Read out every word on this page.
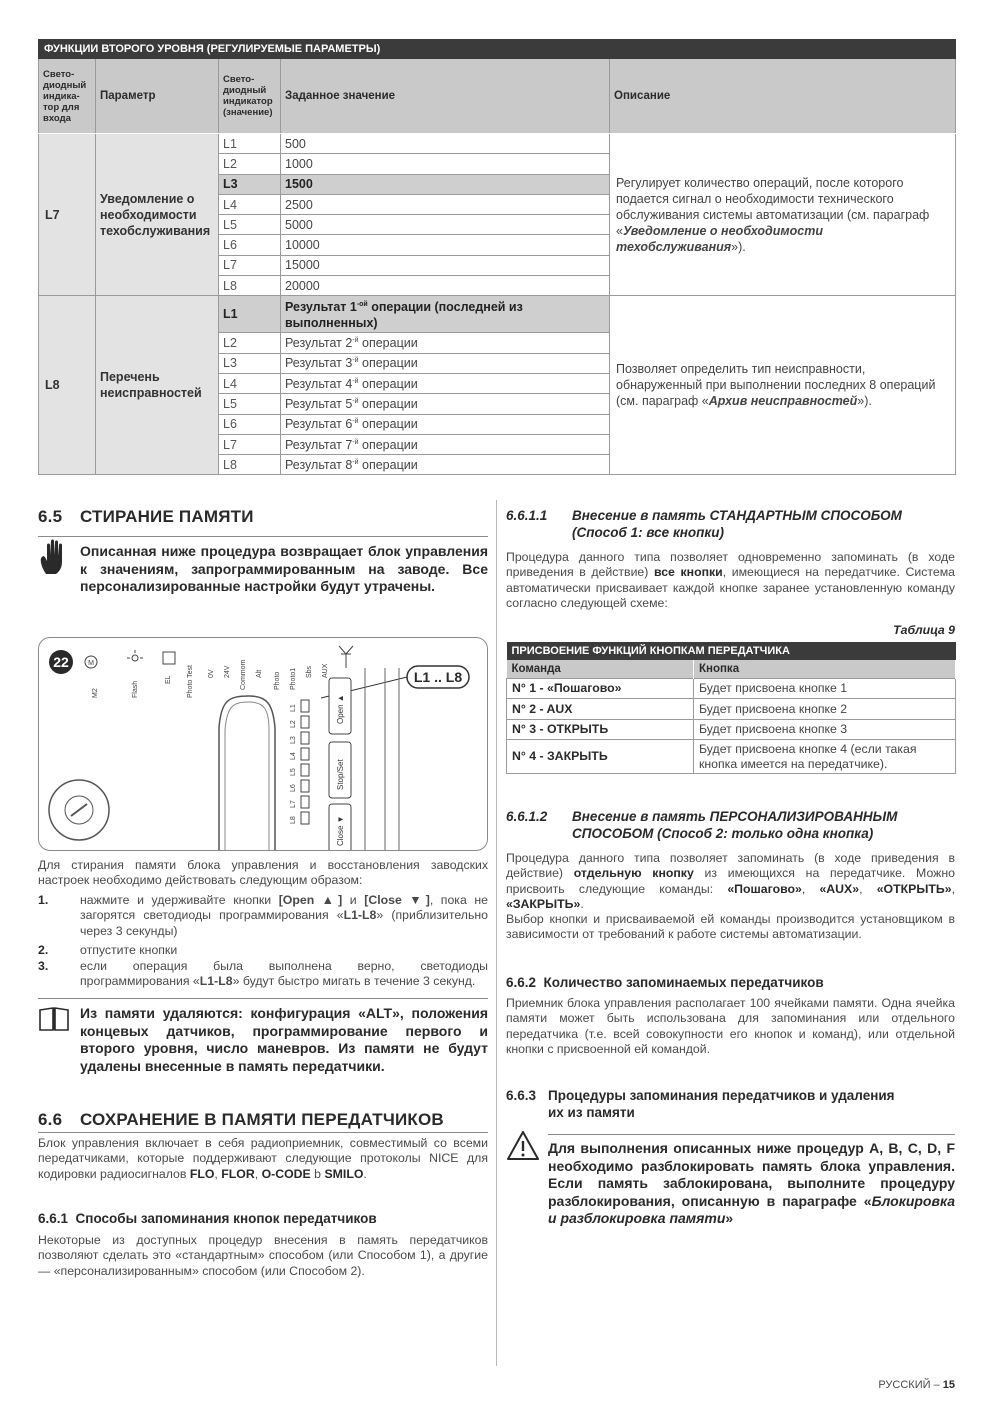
ФУНКЦИИ ВТОРОГО УРОВНЯ (РЕГУЛИРУЕМЫЕ ПАРАМЕТРЫ)				
Свето-
диодный
индика-
тор для
входа	Параметр	Свето-
диодный
индикатор
(значение)	Заданное значение	Описание
L7	Уведомление о
необходимости
техобслуживания	L1	500	Регулирует количество операций, после которого подается сигнал о необходимости технического обслуживания системы автоматизации (см. параграф «Уведомление о необходимости техобслуживания»).
		L2	1000	
		L3	1500	
		L4	2500	
		L5	5000	
		L6	10000	
		L7	15000	
		L8	20000	
L8	Перечень
неисправностей	L1	Результат $1^{-ой}$ операции (последней из выполненных)	Позволяет определить тип неисправности, обнаруженный при выполнении последних 8 операций (см. параграф «Архив неисправностей»).
		L2	Результат $2^{-й}$ операции	
		L3	Результат $3^{-й}$ операции	
		L4	Результат $4^{-й}$ операции	
		L5	Результат $5^{-й}$ операции	
		L6	Результат $6^{-й}$ операции	
		L7	Результат $7^{-й}$ операции	
		L8	Результат $8^{-й}$ операции	
6.5 СТИРАНИЕ ПАМЯТИ
Описанная ниже процедура возвращает блок управления к значениям, запрограммированным на заводе. Все персонализированные настройки будут утрачены.
22	M
M2	Flash
EL Photo Test 0V 24V Commom Alt Photo Photo1 Sbs AUX	L1 .. L8
L1
L2
L3
L4
L5
L6
L7
L8
Open ▲
Stop/Set
Close ▼
Для стирания памяти блока управления и восстановления заводских настроек необходимо действовать следующим образом:
1.	нажмите и удерживайте кнопки [Open ▲] и [Close ▼], пока не загорятся светодиоды программирования «L1-L8» (приблизительно через 3 секунды)
2.	отпустите кнопки
3.	если операция была выполнена верно, светодиоды программирования «L1-L8» будут быстро мигать в течение 3 секунд.
Из памяти удаляются: конфигурация «ALT», положения концевых датчиков, программирование первого и второго уровня, число маневров. Из памяти не будут удалены внесенные в память передатчики.
6.6 СОХРАНЕНИЕ В ПАМЯТИ ПЕРЕДАТЧИКОВ
Блок управления включает в себя радиоприемник, совместимый со всеми передатчиками, которые поддерживают следующие протоколы NICE для кодировки радиосигналов FLO, FLOR, O-CODE b SMILO.
6.6.1 Способы запоминания кнопок передатчиков
Некоторые из доступных процедур внесения в память передатчиков позволяют сделать это «стандартным» способом (или Способом 1), а другие — «персонализированным» способом (или Способом 2).
6.6.1.1 Внесение в память СТАНДАРТНЫМ СПОСОБОМ
(Способ 1: все кнопки)
Процедура данного типа позволяет одновременно запоминать (в ходе приведения в действие) все кнопки, имеющиеся на передатчике. Система автоматически присваивает каждой кнопке заранее установленную команду согласно следующей схеме:
Таблица 9
ПРИСВОЕНИЕ ФУНКЦИЙ КНОПКАМ ПЕРЕДАТЧИКА	
Команда	Кнопка
N° 1 - «Пошагово»	Будет присвоена кнопке 1
N° 2 - AUX	Будет присвоена кнопке 2
N° 3 - ОТКРЫТЬ	Будет присвоена кнопке 3
N° 4 - ЗАКРЫТЬ	Будет присвоена кнопке 4 (если такая кнопка имеется на передатчике).
6.6.1.2 Внесение в память ПЕРСОНАЛИЗИРОВАННЫМ
СПОСОБОМ (Способ 2: только одна кнопка)
Процедура данного типа позволяет запоминать (в ходе приведения в действие) отдельную кнопку из имеющихся на передатчике. Можно присвоить следующие команды: «Пошагово», «AUX», «ОТКРЫТЬ», «ЗАКРЫТЬ».
Выбор кнопки и присваиваемой ей команды производится установщиком в зависимости от требований к работе системы автоматизации.
6.6.2 Количество запоминаемых передатчиков
Приемник блока управления располагает 100 ячейками памяти. Одна ячейка памяти может быть использована для запоминания или отдельного передатчика (т.е. всей совокупности его кнопок и команд), или отдельной кнопки с присвоенной ей командой.
6.6.3 Процедуры запоминания передатчиков и удаления
их из памяти
Для выполнения описанных ниже процедур A, B, C, D, F необходимо разблокировать память блока управления. Если память заблокирована, выполните процедуру разблокирования, описанную в параграфе «Блокировка и разблокировка памяти»
РУССКИЙ – 15
